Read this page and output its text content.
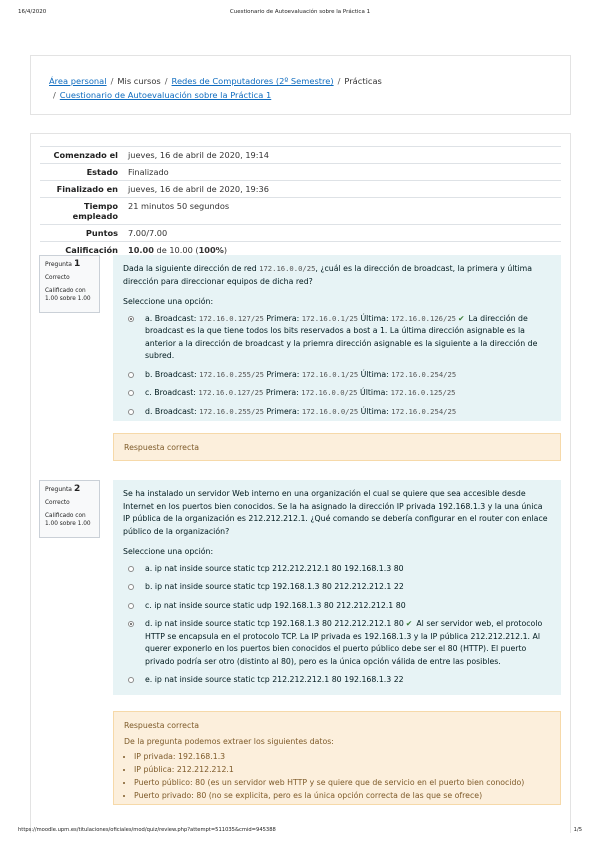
16/4/2020	Cuestionario de Autoevaluación sobre la Práctica 1
Área personal / Mis cursos / Redes de Computadores (2º Semestre) / Prácticas
/ Cuestionario de Autoevaluación sobre la Práctica 1
Comenzado el	jueves, 16 de abril de 2020, 19:14
Estado	Finalizado
Finalizado en	jueves, 16 de abril de 2020, 19:36
Tiempo empleado	21 minutos 50 segundos
Puntos	7.00/7.00
Calificación	10.00 de 10.00 (100%)
Pregunta 1
Correcto
Calificado con 1.00 sobre 1.00
Dada la siguiente dirección de red 172.16.0.0/25, ¿cuál es la dirección de broadcast, la primera y última dirección para direccionar equipos de dicha red?
Seleccione una opción:
a. Broadcast: 172.16.0.127/25 Primera: 172.16.0.1/25 Última: 172.16.0.126/25 ✔ La dirección de broadcast es la que tiene todos los bits reservados a bost a 1. La última dirección asignable es la anterior a la dirección de broadcast y la priemra dirección asignable es la siguiente a la dirección de subred.
b. Broadcast: 172.16.0.255/25 Primera: 172.16.0.1/25 Última: 172.16.0.254/25
c. Broadcast: 172.16.0.127/25 Primera: 172.16.0.0/25 Última: 172.16.0.125/25
d. Broadcast: 172.16.0.255/25 Primera: 172.16.0.0/25 Última: 172.16.0.254/25
Respuesta correcta
Pregunta 2
Correcto
Calificado con 1.00 sobre 1.00
Se ha instalado un servidor Web interno en una organización el cual se quiere que sea accesible desde Internet en los puertos bien conocidos. Se la ha asignado la dirección IP privada 192.168.1.3 y la una única IP pública de la organización es 212.212.212.1. ¿Qué comando se debería configurar en el router con enlace público de la organización?
Seleccione una opción:
a. ip nat inside source static tcp 212.212.212.1 80 192.168.1.3 80
b. ip nat inside source static tcp 192.168.1.3 80 212.212.212.1 22
c. ip nat inside source static udp 192.168.1.3 80 212.212.212.1 80
d. ip nat inside source static tcp 192.168.1.3 80 212.212.212.1 80 ✔ Al ser servidor web, el protocolo HTTP se encapsula en el protocolo TCP. La IP privada es 192.168.1.3 y la IP pública 212.212.212.1. Al querer exponerlo en los puertos bien conocidos el puerto público debe ser el 80 (HTTP). El puerto privado podría ser otro (distinto al 80), pero es la única opción válida de entre las posibles.
e. ip nat inside source static tcp 212.212.212.1 80 192.168.1.3 22
Respuesta correcta
De la pregunta podemos extraer los siguientes datos:
• IP privada: 192.168.1.3
• IP pública: 212.212.212.1
• Puerto público: 80 (es un servidor web HTTP y se quiere que de servicio en el puerto bien conocido)
• Puerto privado: 80 (no se explicita, pero es la única opción correcta de las que se ofrece)
https://moodle.upm.es/titulaciones/oficiales/mod/quiz/review.php?attempt=511035&cmid=945388	1/5
